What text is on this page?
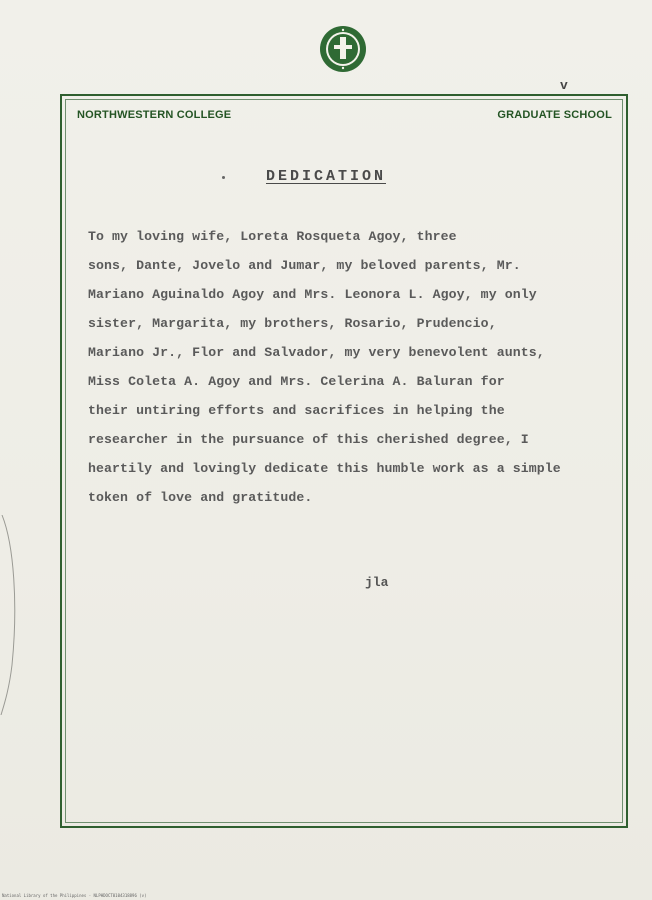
v
NORTHWESTERN COLLEGE	GRADUATE SCHOOL
DEDICATION
To my loving wife, Loreta Rosqueta Agoy, three
sons, Dante, Jovelo and Jumar, my beloved parents, Mr.
Mariano Aguinaldo Agoy and Mrs. Leonora L. Agoy, my only
sister, Margarita, my brothers, Rosario, Prudencio,
Mariano Jr., Flor and Salvador, my very benevolent aunts,
Miss Coleta A. Agoy and Mrs. Celerina A. Baluran for
their untiring efforts and sacrifices in helping the
researcher in the pursuance of this cherished degree, I
heartily and lovingly dedicate this humble work as a simple
token of love and gratitude.
jla
National Library of the Philippines · NLPHDOCT0104318896 (v)
